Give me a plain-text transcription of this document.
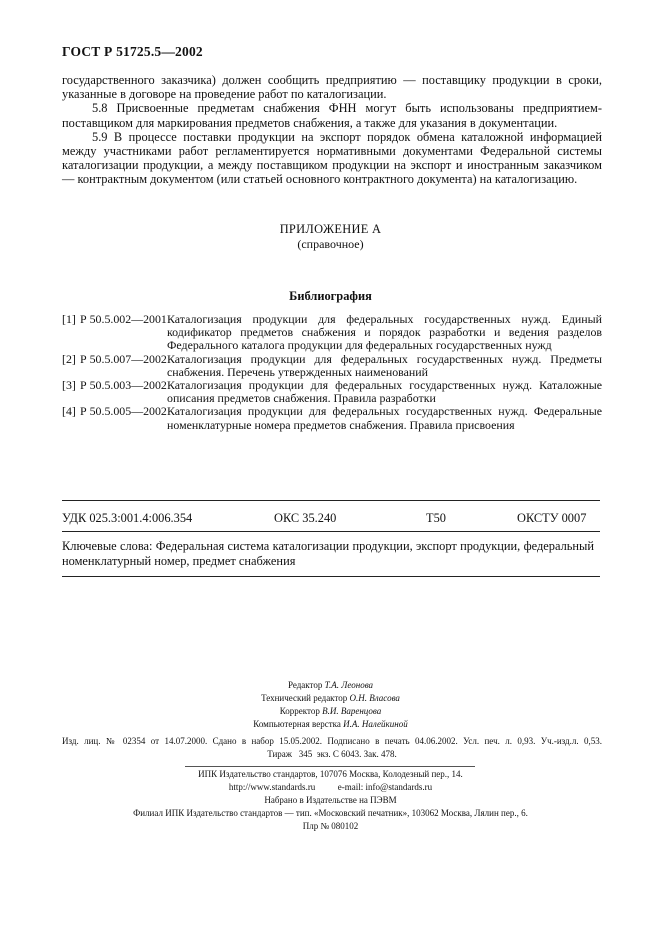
ГОСТ Р 51725.5—2002

государственного заказчика) должен сообщить предприятию — поставщику продукции в сроки, указанные в договоре на проведение работ по каталогизации.

5.8 Присвоенные предметам снабжения ФНН могут быть использованы предприятием-поставщиком для маркирования предметов снабжения, а также для указания в документации.

5.9 В процессе поставки продукции на экспорт порядок обмена каталожной информацией между участниками работ регламентируется нормативными документами Федеральной системы каталогизации продукции, а между поставщиком продукции на экспорт и иностранным заказчиком — контрактным документом (или статьей основного контрактного документа) на каталогизацию.

ПРИЛОЖЕНИЕ А
(справочное)
Библиография
[1] Р 50.5.002—2001 Каталогизация продукции для федеральных государственных нужд. Единый кодификатор предметов снабжения и порядок разработки и ведения разделов Федерального каталога продукции для федеральных государственных нужд
[2] Р 50.5.007—2002 Каталогизация продукции для федеральных государственных нужд. Предметы снабжения. Перечень утвержденных наименований
[3] Р 50.5.003—2002 Каталогизация продукции для федеральных государственных нужд. Каталожные описания предметов снабжения. Правила разработки
[4] Р 50.5.005—2002 Каталогизация продукции для федеральных государственных нужд. Федеральные номенклатурные номера предметов снабжения. Правила присвоения
УДК 025.3:001.4:006.354	ОКС 35.240	Т50	ОКСТУ 0007
Ключевые слова: Федеральная система каталогизации продукции, экспорт продукции, федеральный номенклатурный номер, предмет снабжения
Редактор Т.А. Леонова
Технический редактор О.Н. Власова
Корректор В.И. Варенцова
Компьютерная верстка И.А. Налейкиной
Изд. лиц. № 02354 от 14.07.2000. Сдано в набор 15.05.2002. Подписано в печать 04.06.2002. Усл. печ. л. 0,93. Уч.-изд.л. 0,53.
Тираж   345  экз. С 6043. Зак. 478.
ИПК Издательство стандартов, 107076 Москва, Колодезный пер., 14.
http://www.standards.ru          e-mail: info@standards.ru
Набрано в Издательстве на ПЭВМ
Филиал ИПК Издательство стандартов — тип. «Московский печатник», 103062 Москва, Лялин пер., 6.
Плр № 080102
